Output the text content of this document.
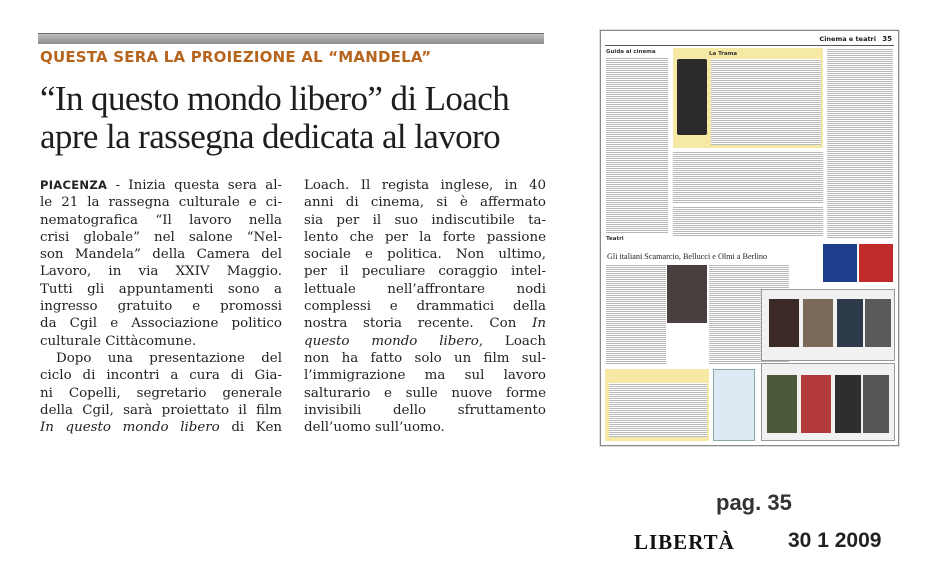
QUESTA SERA LA PROIEZIONE AL “MANDELA”
“In questo mondo libero” di Loach
apre la rassegna dedicata al lavoro
PIACENZA - Inizia questa sera al-
le 21 la rassegna culturale e ci-
nematografica “Il lavoro nella
crisi globale” nel salone “Nel-
son Mandela” della Camera del
Lavoro, in via XXIV Maggio.
Tutti gli appuntamenti sono a
ingresso gratuito e promossi
da Cgil e Associazione politico
culturale Cittàcomune.
Dopo una presentazione del
ciclo di incontri a cura di Gia-
ni Copelli, segretario generale
della Cgil, sarà proiettato il film
In questo mondo libero di Ken
Loach. Il regista inglese, in 40
anni di cinema, si è affermato
sia per il suo indiscutibile ta-
lento che per la forte passione
sociale e politica. Non ultimo,
per il peculiare coraggio intel-
lettuale nell’affrontare nodi
complessi e drammatici della
nostra storia recente. Con In
questo mondo libero, Loach
non ha fatto solo un film sul-
l’immigrazione ma sul lavoro
salturario e sulle nuove forme
invisibili dello sfruttamento
dell’uomo sull’uomo.
35
Cinema e teatri
Guida ai cinema	La Trama
Teatri
Gli italiani Scamarcio, Bellucci e Olmi a Berlino
pag. 35
LIBERTÀ	30 1 2009
